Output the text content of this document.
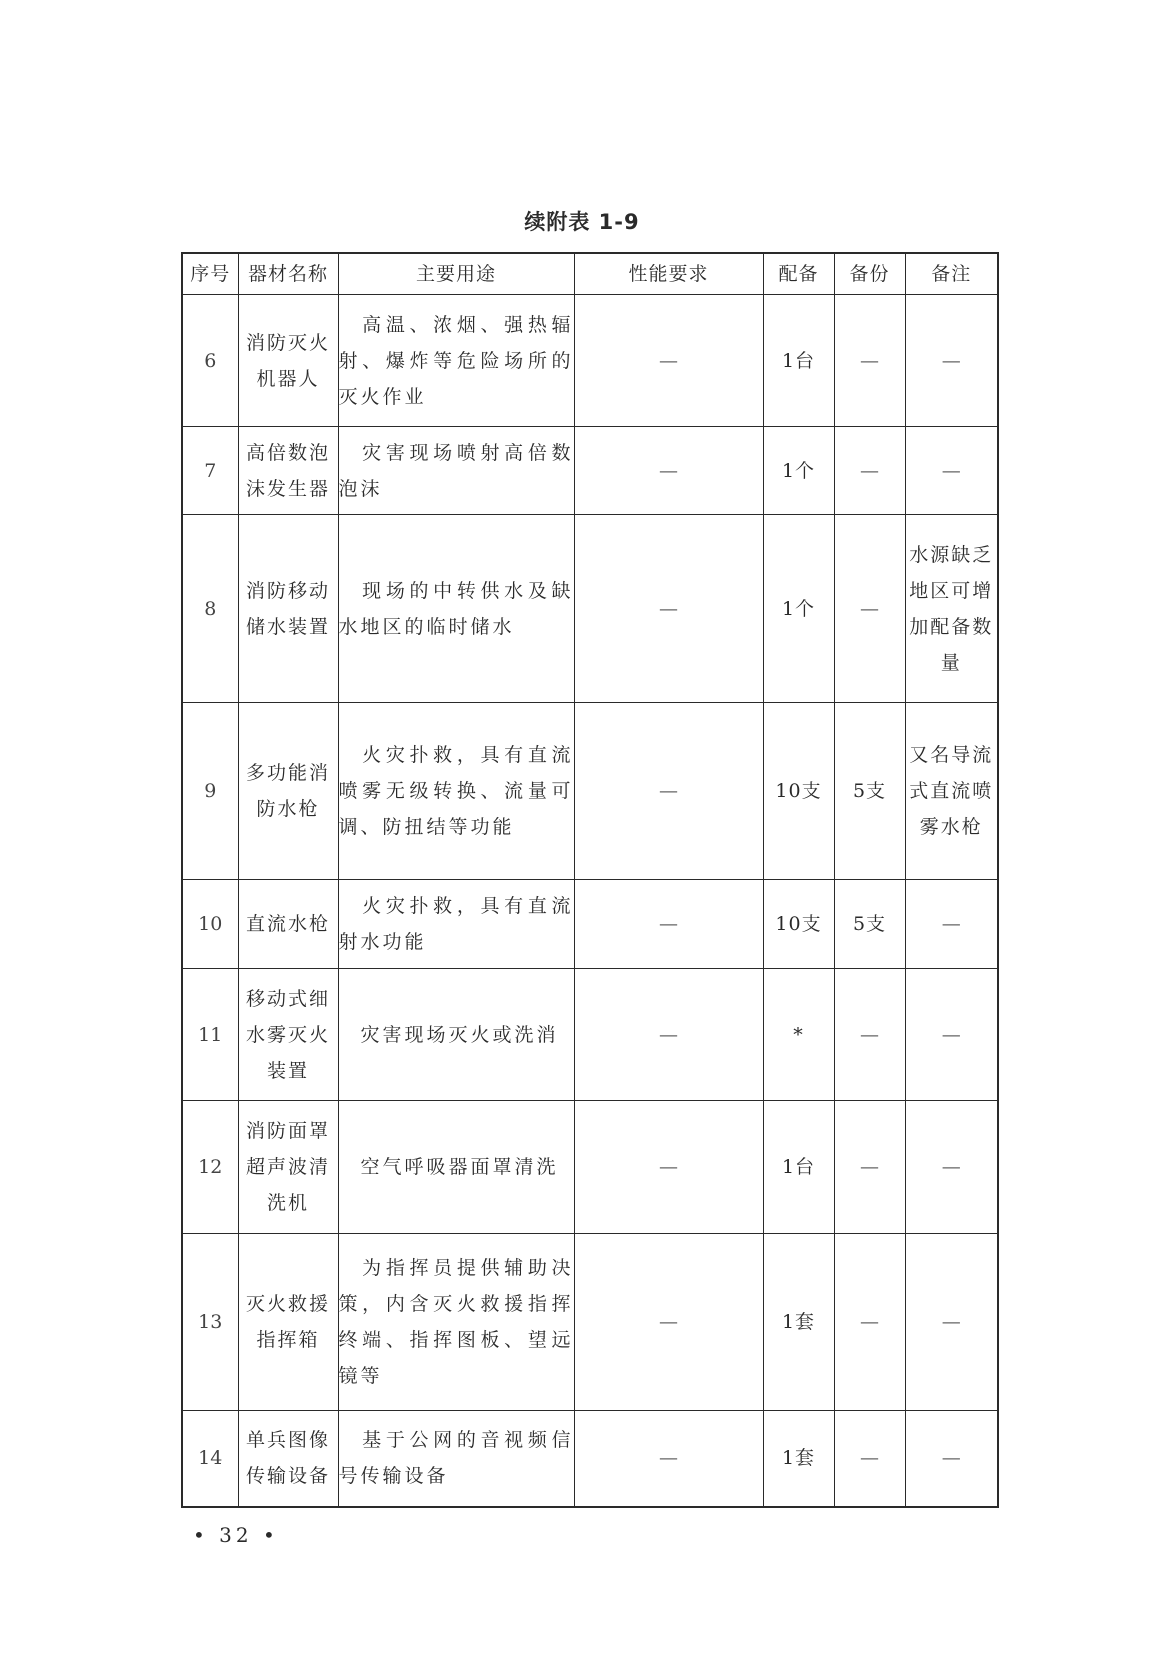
续附表 1-9
序号	器材名称	主要用途	性能要求	配备	备份	备注
6	消防灭火机器人	高温、浓烟、强热辐射、爆炸等危险场所的灭火作业	—	1台	—	—
7	高倍数泡沫发生器	灾害现场喷射高倍数泡沫	—	1个	—	—
8	消防移动储水装置	现场的中转供水及缺水地区的临时储水	—	1个	—	水源缺乏地区可增加配备数量
9	多功能消防水枪	火灾扑救，具有直流喷雾无级转换、流量可调、防扭结等功能	—	10支	5支	又名导流式直流喷雾水枪
10	直流水枪	火灾扑救，具有直流射水功能	—	10支	5支	—
11	移动式细水雾灭火装置	灾害现场灭火或洗消	—	*	—	—
12	消防面罩超声波清洗机	空气呼吸器面罩清洗	—	1台	—	—
13	灭火救援指挥箱	为指挥员提供辅助决策，内含灭火救援指挥终端、指挥图板、望远镜等	—	1套	—	—
14	单兵图像传输设备	基于公网的音视频信号传输设备	—	1套	—	—
• 32 •
